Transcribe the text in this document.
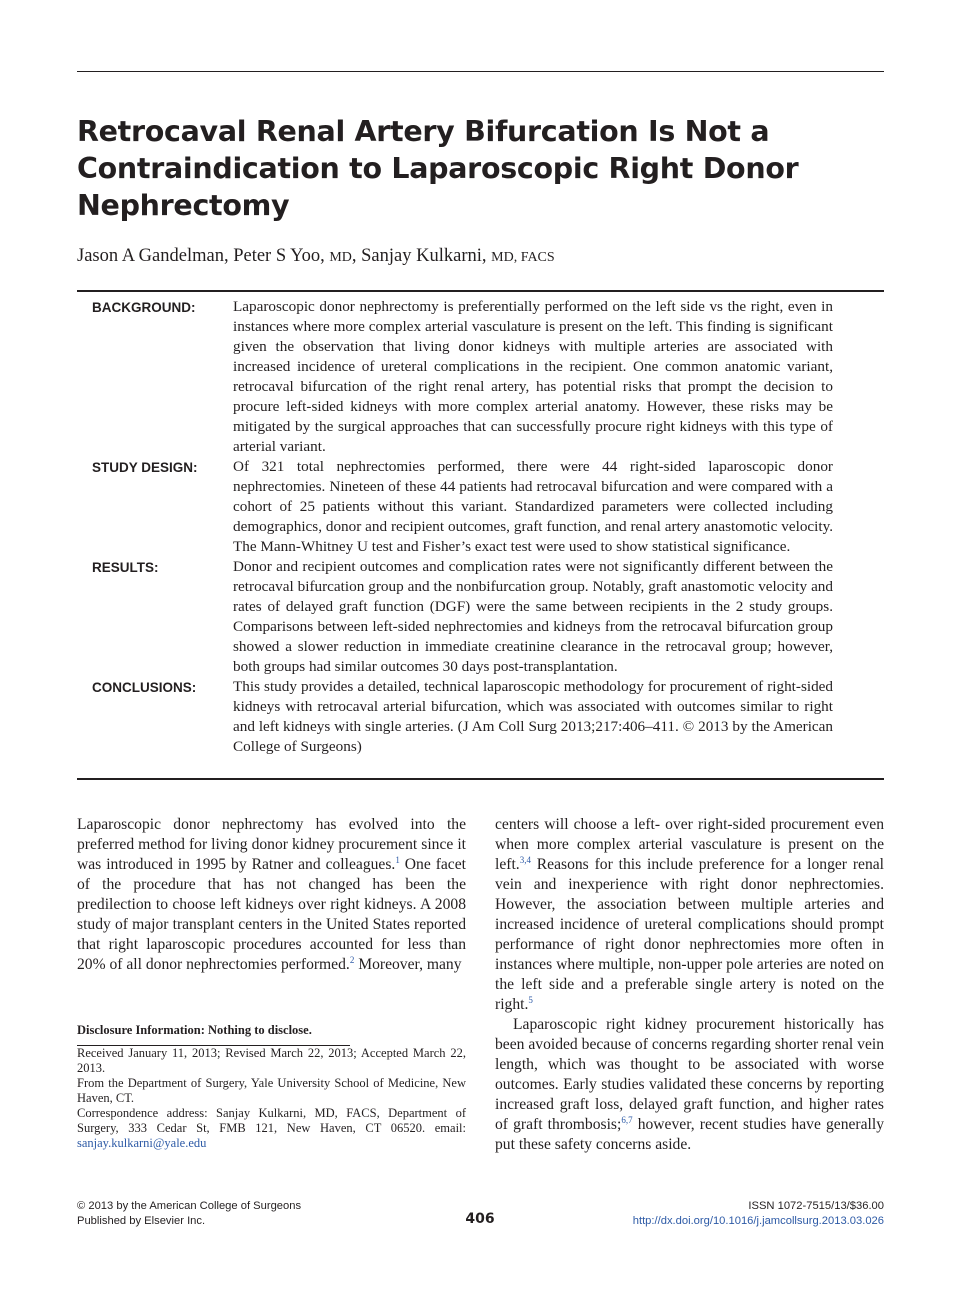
Retrocaval Renal Artery Bifurcation Is Not a Contraindication to Laparoscopic Right Donor Nephrectomy

Jason A Gandelman, Peter S Yoo, MD, Sanjay Kulkarni, MD, FACS

BACKGROUND:	Laparoscopic donor nephrectomy is preferentially performed on the left side vs the right, even in instances where more complex arterial vasculature is present on the left. This finding is significant given the observation that living donor kidneys with multiple arteries are associated with increased incidence of ureteral complications in the recipient. One common anatomic variant, retrocaval bifurcation of the right renal artery, has potential risks that prompt the decision to procure left-sided kidneys with more complex arterial anatomy. However, these risks may be mitigated by the surgical approaches that can successfully procure right kidneys with this type of arterial variant.
STUDY DESIGN:	Of 321 total nephrectomies performed, there were 44 right-sided laparoscopic donor nephrectomies. Nineteen of these 44 patients had retrocaval bifurcation and were compared with a cohort of 25 patients without this variant. Standardized parameters were collected including demographics, donor and recipient outcomes, graft function, and renal artery anastomotic velocity. The Mann-Whitney U test and Fisher’s exact test were used to show statistical significance.
RESULTS:	Donor and recipient outcomes and complication rates were not significantly different between the retrocaval bifurcation group and the nonbifurcation group. Notably, graft anastomotic velocity and rates of delayed graft function (DGF) were the same between recipients in the 2 study groups. Comparisons between left-sided nephrectomies and kidneys from the retrocaval bifurcation group showed a slower reduction in immediate creatinine clearance in the retrocaval group; however, both groups had similar outcomes 30 days post-transplantation.
CONCLUSIONS:	This study provides a detailed, technical laparoscopic methodology for procurement of right-sided kidneys with retrocaval arterial bifurcation, which was associated with outcomes similar to right and left kidneys with single arteries. (J Am Coll Surg 2013;217:406–411. © 2013 by the American College of Surgeons)

Laparoscopic donor nephrectomy has evolved into the preferred method for living donor kidney procurement since it was introduced in 1995 by Ratner and colleagues.$^1$ One facet of the procedure that has not changed has been the predilection to choose left kidneys over right kidneys. A 2008 study of major transplant centers in the United States reported that right laparoscopic procedures accounted for less than 20% of all donor nephrectomies performed.$^2$ Moreover, many

centers will choose a left- over right-sided procurement even when more complex arterial vasculature is present on the left.$^{3,4}$ Reasons for this include preference for a longer renal vein and inexperience with right donor nephrectomies. However, the association between multiple arteries and increased incidence of ureteral complications should prompt performance of right donor nephrectomies more often in instances where multiple, non-upper pole arteries are noted on the left side and a preferable single artery is noted on the right.$^5$

Laparoscopic right kidney procurement historically has been avoided because of concerns regarding shorter renal vein length, which was thought to be associated with worse outcomes. Early studies validated these concerns by reporting increased graft loss, delayed graft function, and higher rates of graft thrombosis;$^{6,7}$ however, recent studies have generally put these safety concerns aside.

Disclosure Information: Nothing to disclose.

Received January 11, 2013; Revised March 22, 2013; Accepted March 22, 2013.

From the Department of Surgery, Yale University School of Medicine, New Haven, CT.

Correspondence address: Sanjay Kulkarni, MD, FACS, Department of Surgery, 333 Cedar St, FMB 121, New Haven, CT 06520. email: sanjay.kulkarni@yale.edu

© 2013 by the American College of Surgeons
Published by Elsevier Inc.	406
ISSN 1072-7515/13/$36.00
http://dx.doi.org/10.1016/j.jamcollsurg.2013.03.026
